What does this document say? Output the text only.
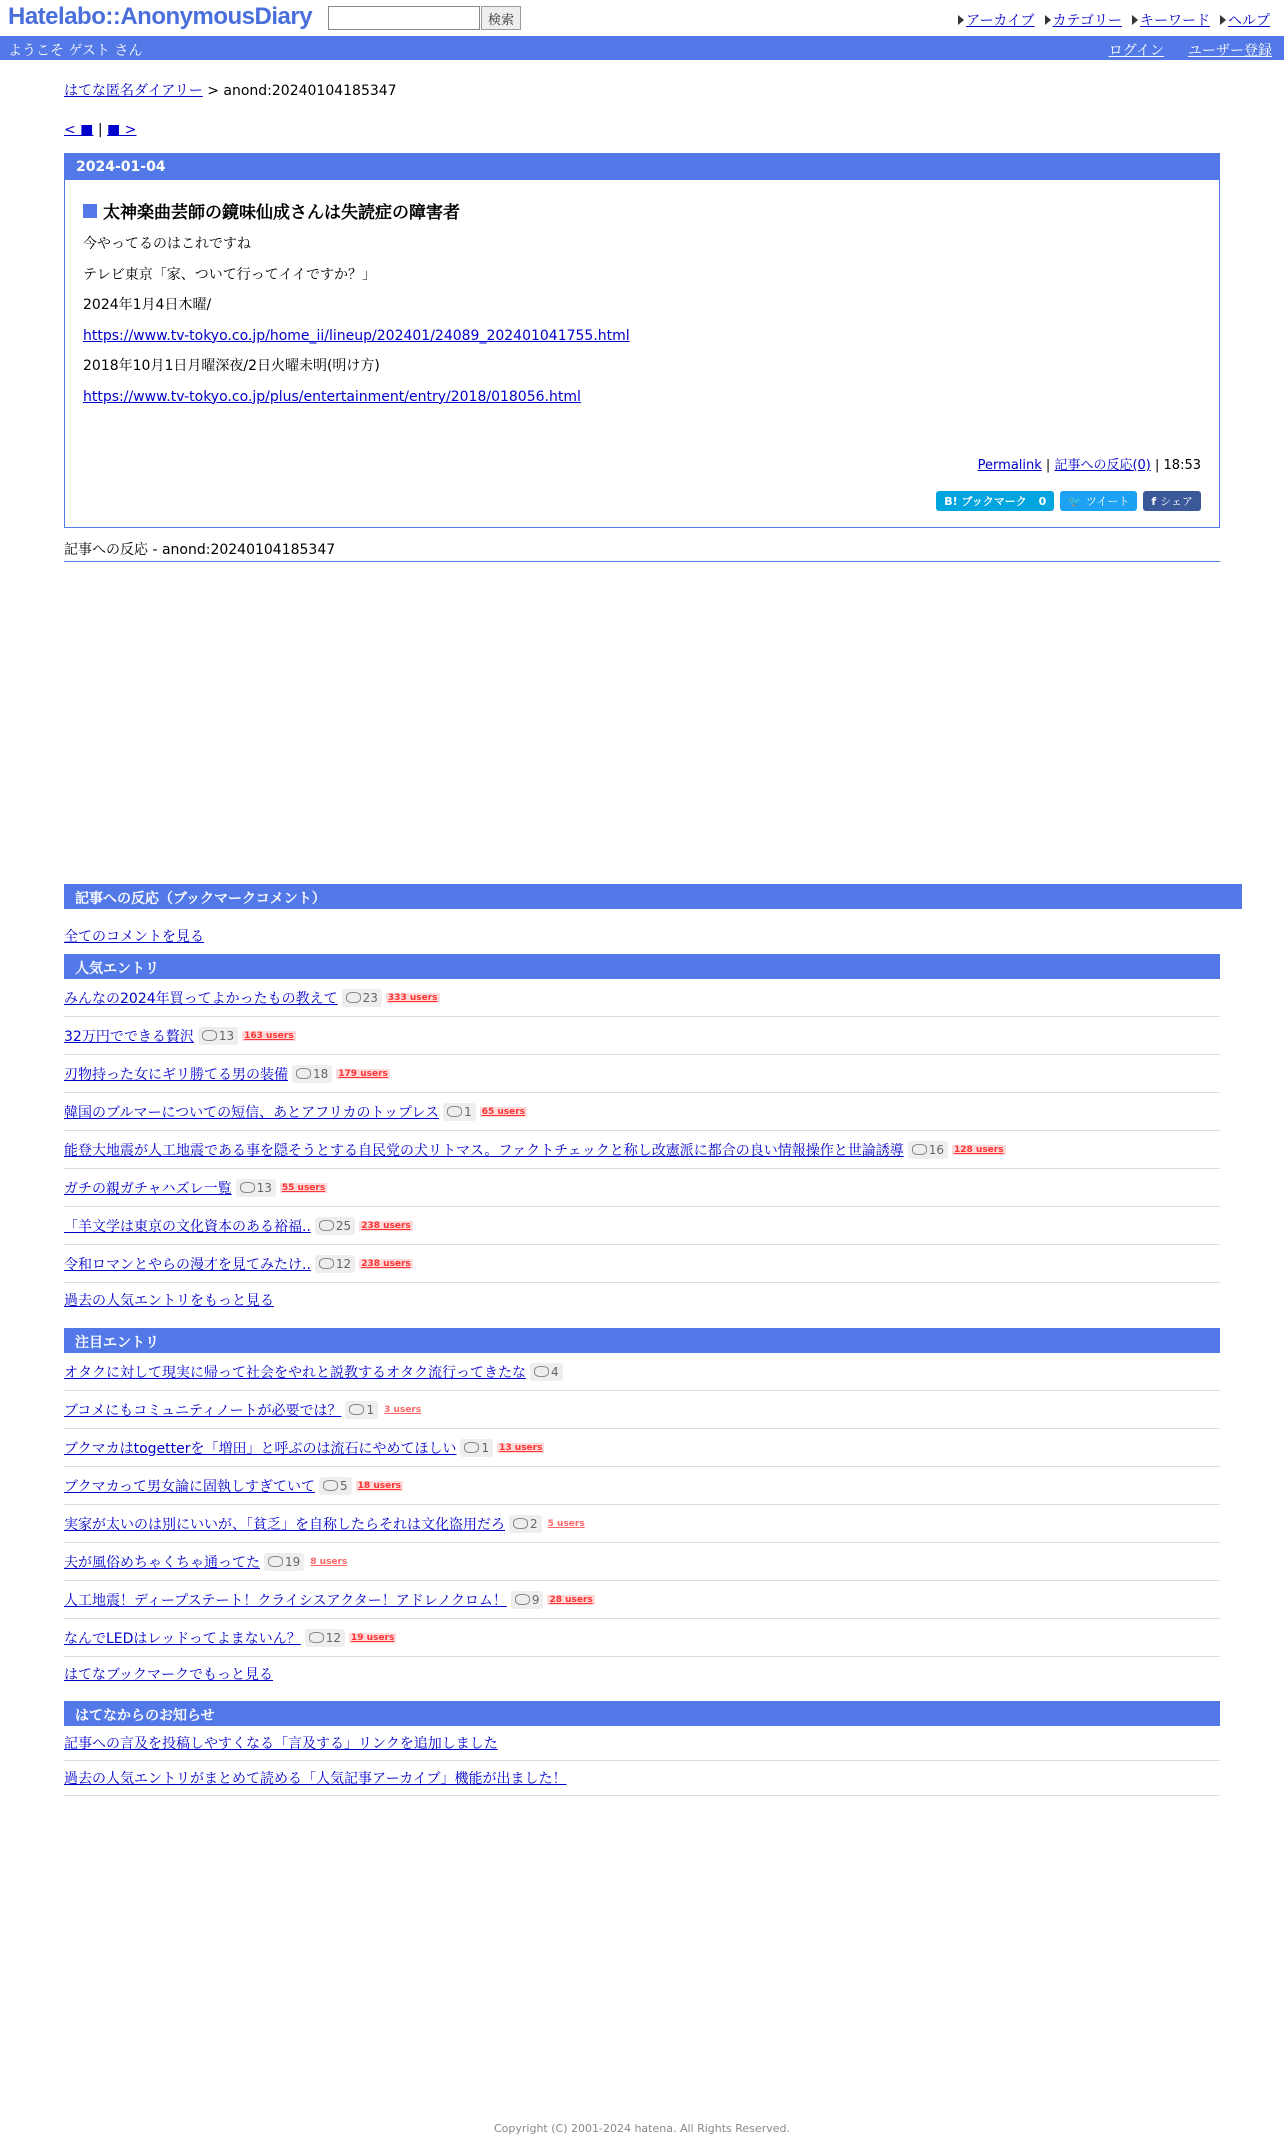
Hatelabo::AnonymousDiary	検索	アーカイブ カテゴリー キーワード ヘルプ
ようこそ ゲスト さん	ログイン ユーザー登録
はてな匿名ダイアリー > anond:20240104185347
< ■ | ■ >
2024-01-04
太神楽曲芸師の鏡味仙成さんは失読症の障害者
今やってるのはこれですね
テレビ東京「家、ついて行ってイイですか？」
2024年1月4日木曜/
https://www.tv-tokyo.co.jp/home_ii/lineup/202401/24089_202401041755.html
2018年10月1日月曜深夜/2日火曜未明(明け方)
https://www.tv-tokyo.co.jp/plus/entertainment/entry/2018/018056.html
Permalink | 記事への反応(0) | 18:53
B! ブックマーク
0 🐦 ツイート f シェア
記事への反応 - anond:20240104185347
記事への反応（ブックマークコメント）
全てのコメントを見る
人気エントリ
みんなの2024年買ってよかったもの教えて 23 333 users
32万円でできる贅沢 13 163 users
刃物持った女にギリ勝てる男の装備 18 179 users
韓国のブルマーについての短信、あとアフリカのトップレス 1 65 users
能登大地震が人工地震である事を隠そうとする自民党の犬リトマス。ファクトチェックと称し改憲派に都合の良い情報操作と世論誘導 16 128 users
ガチの親ガチャハズレ一覧 13 55 users
「羊文学は東京の文化資本のある裕福.. 25 238 users
令和ロマンとやらの漫才を見てみたけ.. 12 238 users
過去の人気エントリをもっと見る
注目エントリ
オタクに対して現実に帰って社会をやれと説教するオタク流行ってきたな 4
ブコメにもコミュニティノートが必要では？ 1 3 users
ブクマカはtogetterを「増田」と呼ぶのは流石にやめてほしい 1 13 users
ブクマカって男女論に固執しすぎていて 5 18 users
実家が太いのは別にいいが、「貧乏」を自称したらそれは文化盗用だろ 2 5 users
夫が風俗めちゃくちゃ通ってた 19 8 users
人工地震！ディープステート！クライシスアクター！アドレノクロム！ 9 28 users
なんでLEDはレッドってよまないん？ 12 19 users
はてなブックマークでもっと見る
はてなからのお知らせ
記事への言及を投稿しやすくなる「言及する」リンクを追加しました
過去の人気エントリがまとめて読める「人気記事アーカイブ」機能が出ました！
Copyright (C) 2001-2024 hatena. All Rights Reserved.
